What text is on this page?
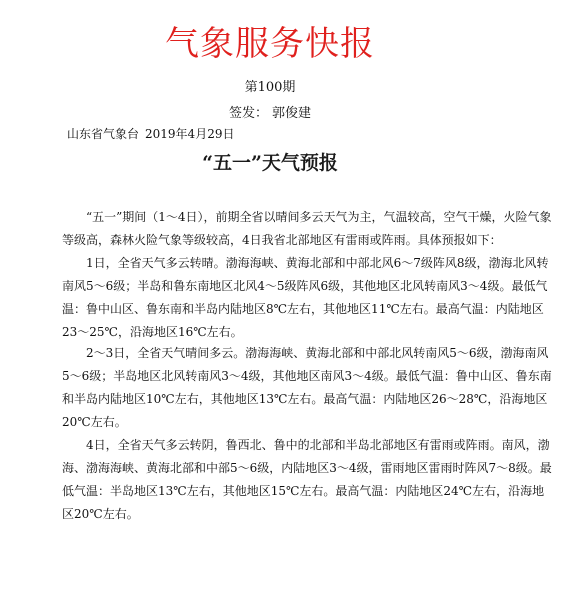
气象服务快报
第100期
签发： 郭俊建
山东省气象台 2019年4月29日
“五一”天气预报

“五一”期间（1～4日），前期全省以晴间多云天气为主，气温较高，空气干燥，火险气象等级高，森林火险气象等级较高，4日我省北部地区有雷雨或阵雨。具体预报如下：

1日，全省天气多云转晴。渤海海峡、黄海北部和中部北风6～7级阵风8级，渤海北风转南风5～6级；半岛和鲁东南地区北风4～5级阵风6级，其他地区北风转南风3～4级。最低气温：鲁中山区、鲁东南和半岛内陆地区8℃左右，其他地区11℃左右。最高气温：内陆地区23～25℃，沿海地区16℃左右。

2～3日，全省天气晴间多云。渤海海峡、黄海北部和中部北风转南风5～6级，渤海南风5～6级；半岛地区北风转南风3～4级，其他地区南风3～4级。最低气温：鲁中山区、鲁东南和半岛内陆地区10℃左右，其他地区13℃左右。最高气温：内陆地区26～28℃，沿海地区20℃左右。

4日，全省天气多云转阴，鲁西北、鲁中的北部和半岛北部地区有雷雨或阵雨。南风，渤海、渤海海峡、黄海北部和中部5～6级，内陆地区3～4级，雷雨地区雷雨时阵风7～8级。最低气温：半岛地区13℃左右，其他地区15℃左右。最高气温：内陆地区24℃左右，沿海地区20℃左右。
